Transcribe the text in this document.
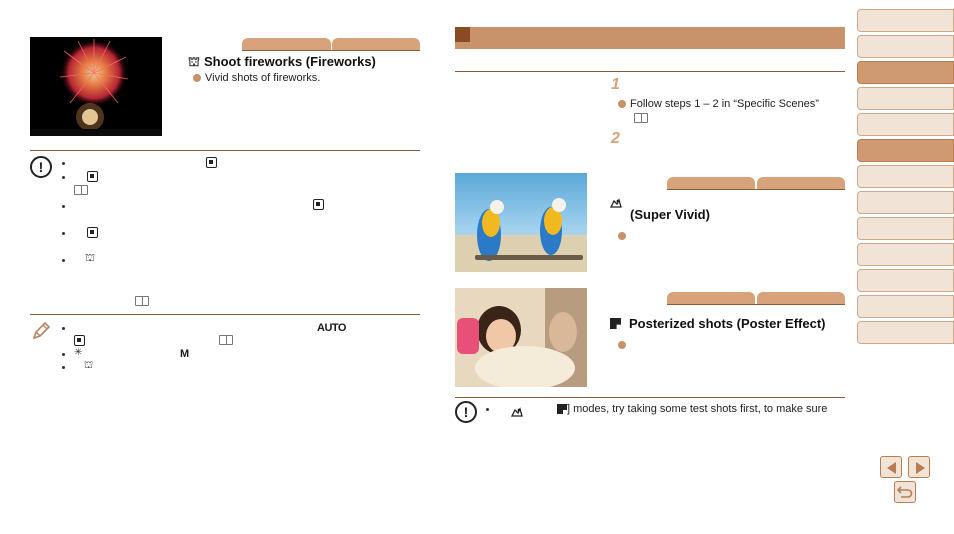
⛫ Shoot fireworks (Fireworks)
Vivid shots of fireworks.
!
⛫
AUTO
✳	M
⛫
1
Follow steps 1 – 2 in “Specific Scenes”
2
(Super Vivid)
Posterized shots (Poster Effect)
!	] modes, try taking some test shots first, to make sure
